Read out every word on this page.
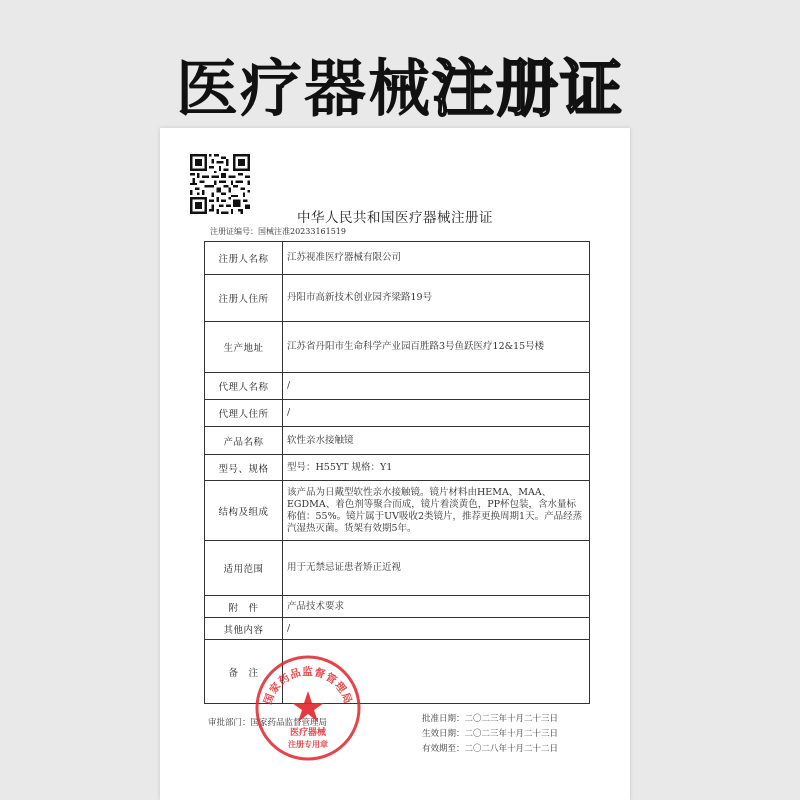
医疗器械注册证
中华人民共和国医疗器械注册证
注册证编号：国械注准20233161519
注册人名称	江苏视准医疗器械有限公司
注册人住所	丹阳市高新技术创业园齐梁路19号
生产地址	江苏省丹阳市生命科学产业园百胜路3号鱼跃医疗12&15号楼
代理人名称	/
代理人住所	/
产品名称	软性亲水接触镜
型号、规格	型号：H55YT 规格：Y1
结构及组成	该产品为日戴型软性亲水接触镜。镜片材料由HEMA、MAA、EGDMA、着色剂等聚合而成，镜片着淡黄色，PP杯包装，含水量标称值：55%。镜片属于UV吸收2类镜片，推荐更换周期1天。产品经蒸汽湿热灭菌。货架有效期5年。
适用范围	用于无禁忌证患者矫正近视
附　件	产品技术要求
其他内容	/
备　注	
审批部门：国家药品监督管理局	批准日期：二〇二三年十月二十三日
生效日期：二〇二三年十月二十三日
有效期至：二〇二八年十月二十二日
国家药品监督管理局
医疗器械
注册专用章
